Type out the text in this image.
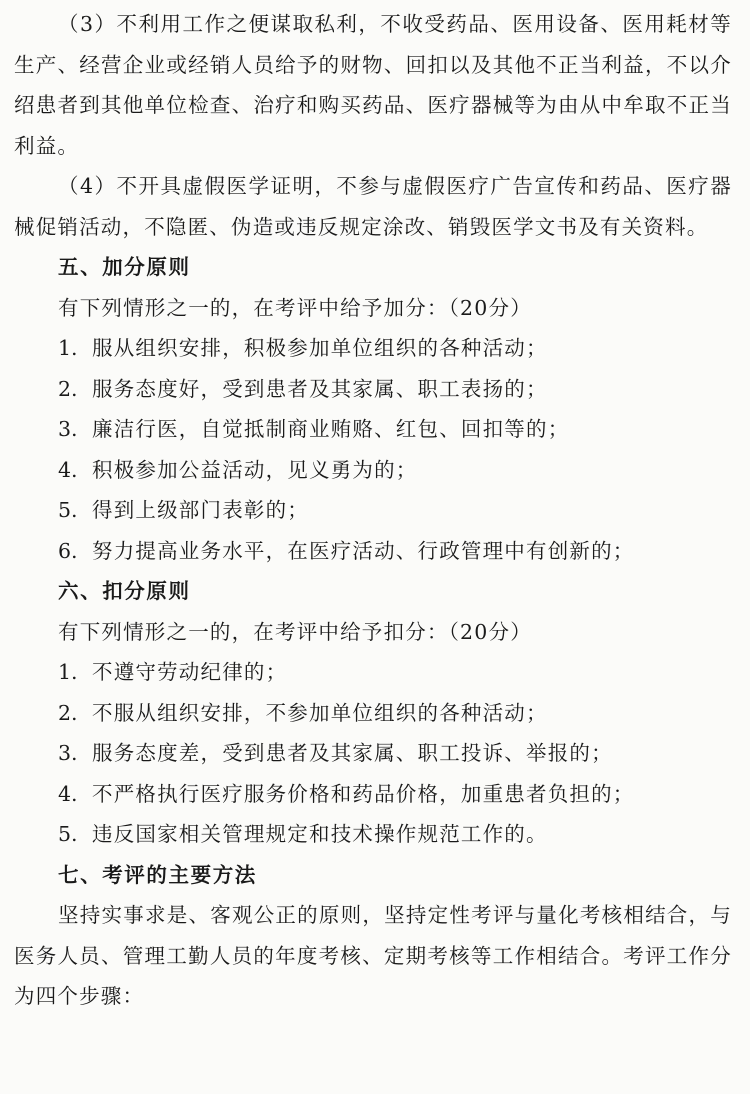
（3）不利用工作之便谋取私利，不收受药品、医用设备、医用耗材等生产、经营企业或经销人员给予的财物、回扣以及其他不正当利益，不以介绍患者到其他单位检查、治疗和购买药品、医疗器械等为由从中牟取不正当利益。

（4）不开具虚假医学证明，不参与虚假医疗广告宣传和药品、医疗器械促销活动，不隐匿、伪造或违反规定涂改、销毁医学文书及有关资料。

五、加分原则

有下列情形之一的，在考评中给予加分：（20分）

1. 服从组织安排，积极参加单位组织的各种活动；

2. 服务态度好，受到患者及其家属、职工表扬的；

3. 廉洁行医，自觉抵制商业贿赂、红包、回扣等的；

4. 积极参加公益活动，见义勇为的；

5. 得到上级部门表彰的；

6. 努力提高业务水平，在医疗活动、行政管理中有创新的；

六、扣分原则

有下列情形之一的，在考评中给予扣分：（20分）

1. 不遵守劳动纪律的；

2. 不服从组织安排，不参加单位组织的各种活动；

3. 服务态度差，受到患者及其家属、职工投诉、举报的；

4. 不严格执行医疗服务价格和药品价格，加重患者负担的；

5. 违反国家相关管理规定和技术操作规范工作的。

七、考评的主要方法

坚持实事求是、客观公正的原则，坚持定性考评与量化考核相结合，与医务人员、管理工勤人员的年度考核、定期考核等工作相结合。考评工作分为四个步骤：
